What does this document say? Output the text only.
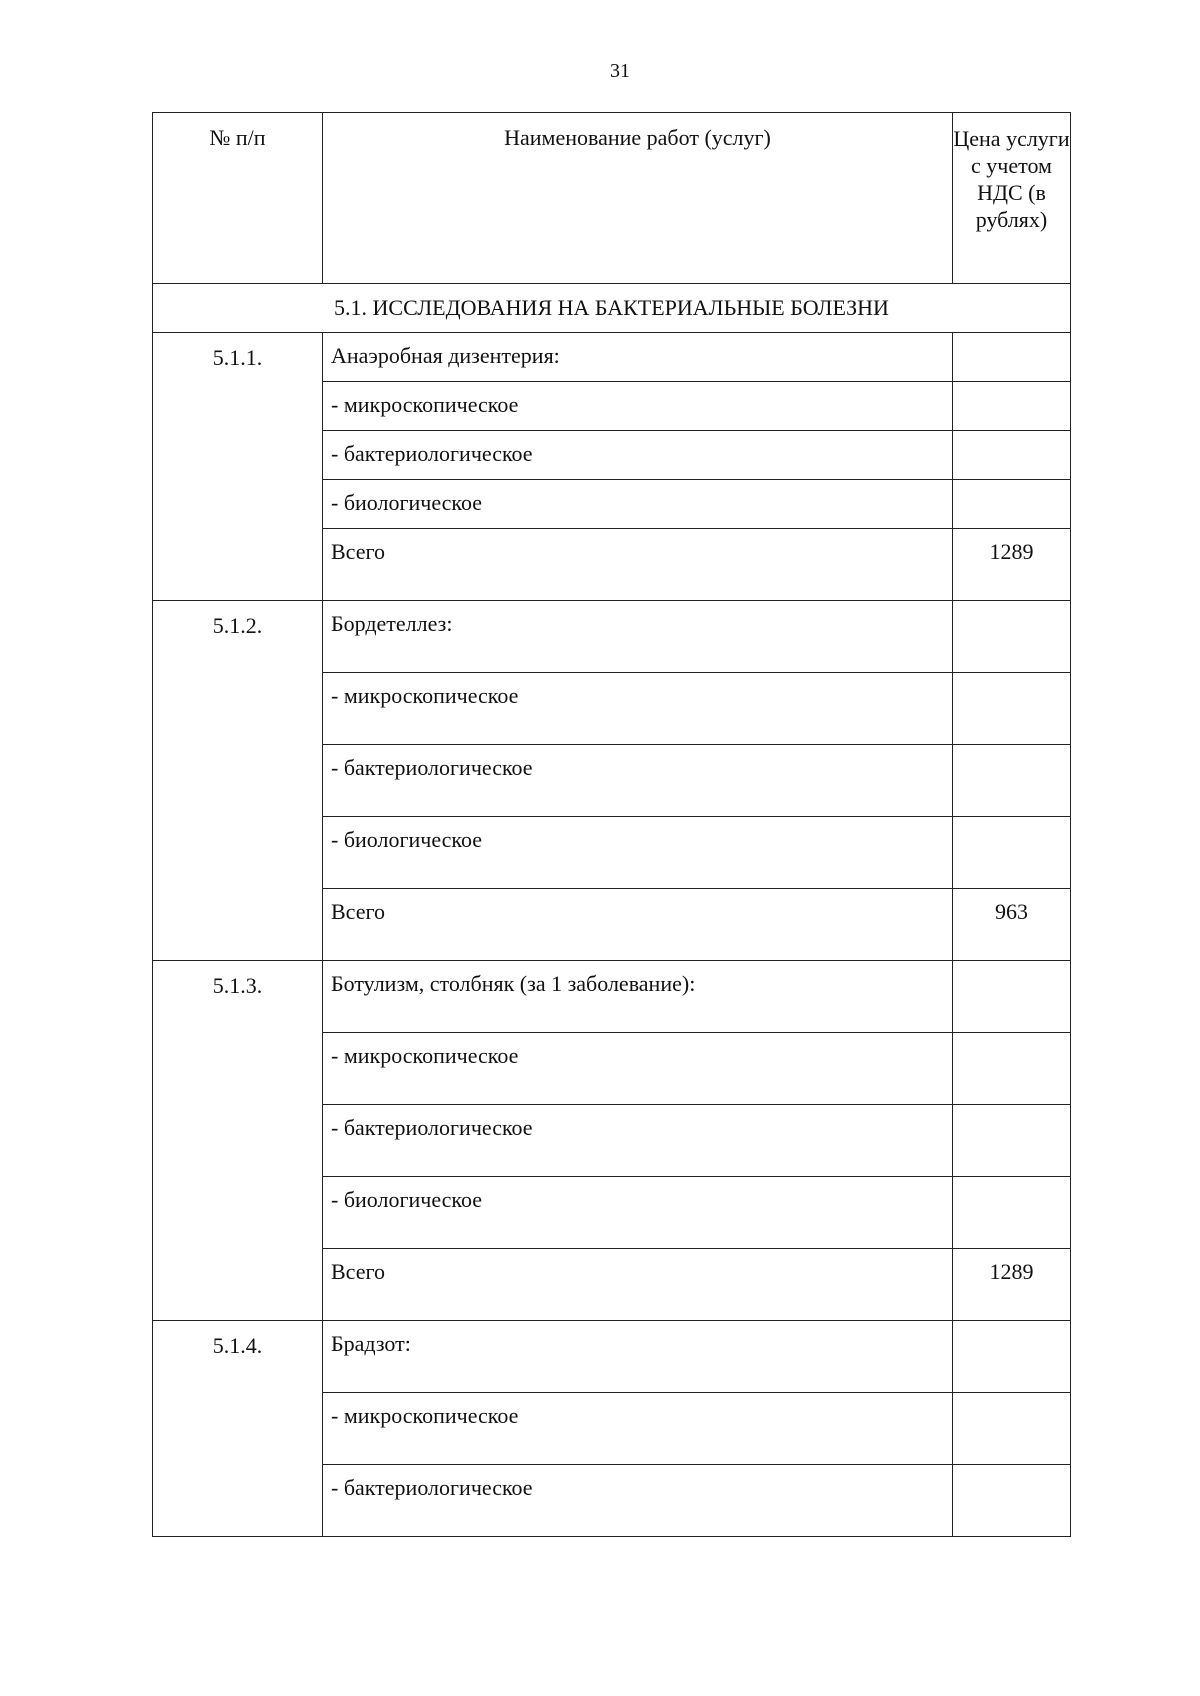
31
№ п/п	Наименование работ (услуг)	Цена услуги с учетом НДС (в рублях)
5.1. ИССЛЕДОВАНИЯ НА БАКТЕРИАЛЬНЫЕ БОЛЕЗНИ		
5.1.1.	Анаэробная дизентерия:	
	- микроскопическое	
	- бактериологическое	
	- биологическое	
	Всего	1289
5.1.2.	Бордетеллез:	
	- микроскопическое	
	- бактериологическое	
	- биологическое	
	Всего	963
5.1.3.	Ботулизм, столбняк (за 1 заболевание):	
	- микроскопическое	
	- бактериологическое	
	- биологическое	
	Всего	1289
5.1.4.	Брадзот:	
	- микроскопическое	
	- бактериологическое	
